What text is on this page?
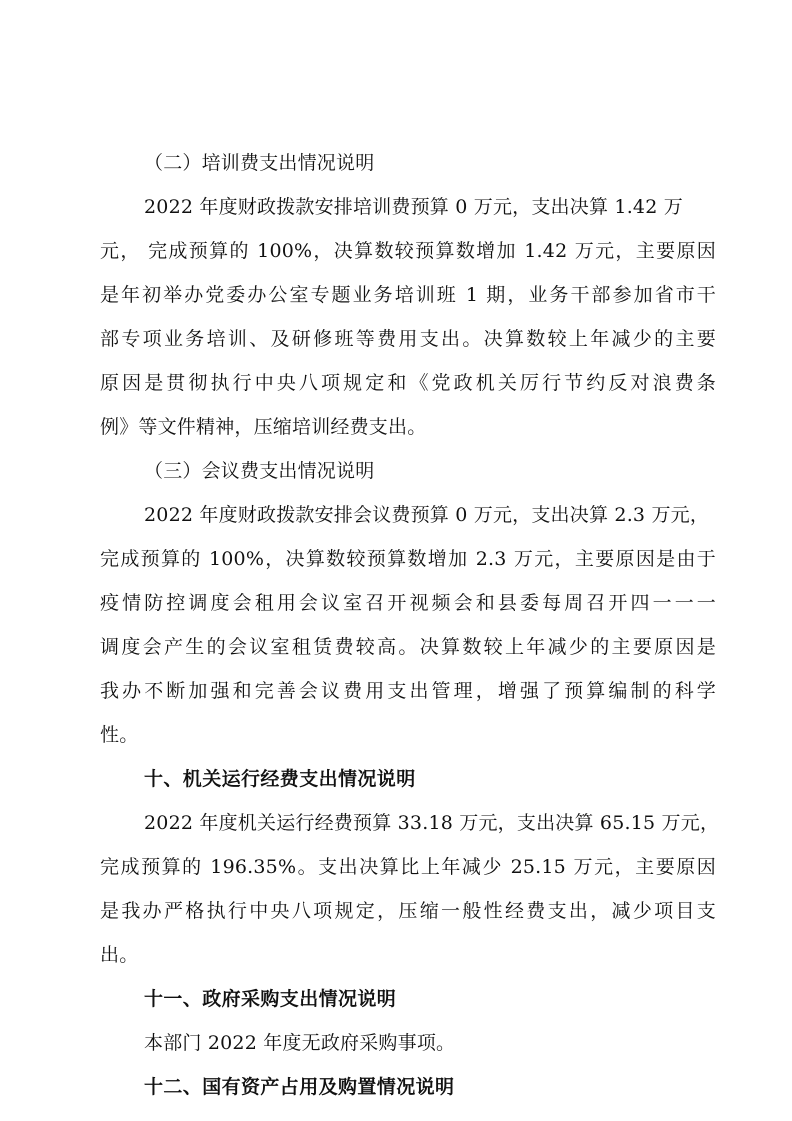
（二）培训费支出情况说明
2022 年度财政拨款安排培训费预算 0 万元，支出决算 1.42 万
元， 完成预算的 100%，决算数较预算数增加 1.42 万元，主要原因
是年初举办党委办公室专题业务培训班 1 期，业务干部参加省市干
部专项业务培训、及研修班等费用支出。决算数较上年减少的主要
原因是贯彻执行中央八项规定和《党政机关厉行节约反对浪费条
例》等文件精神，压缩培训经费支出。
（三）会议费支出情况说明
2022 年度财政拨款安排会议费预算 0 万元，支出决算 2.3 万元，
完成预算的 100%，决算数较预算数增加 2.3 万元，主要原因是由于
疫情防控调度会租用会议室召开视频会和县委每周召开四一一一
调度会产生的会议室租赁费较高。决算数较上年减少的主要原因是
我办不断加强和完善会议费用支出管理，增强了预算编制的科学
性。
十、机关运行经费支出情况说明
2022 年度机关运行经费预算 33.18 万元，支出决算 65.15 万元，
完成预算的 196.35%。支出决算比上年减少 25.15 万元，主要原因
是我办严格执行中央八项规定，压缩一般性经费支出，减少项目支
出。
十一、政府采购支出情况说明
本部门 2022 年度无政府采购事项。
十二、国有资产占用及购置情况说明
